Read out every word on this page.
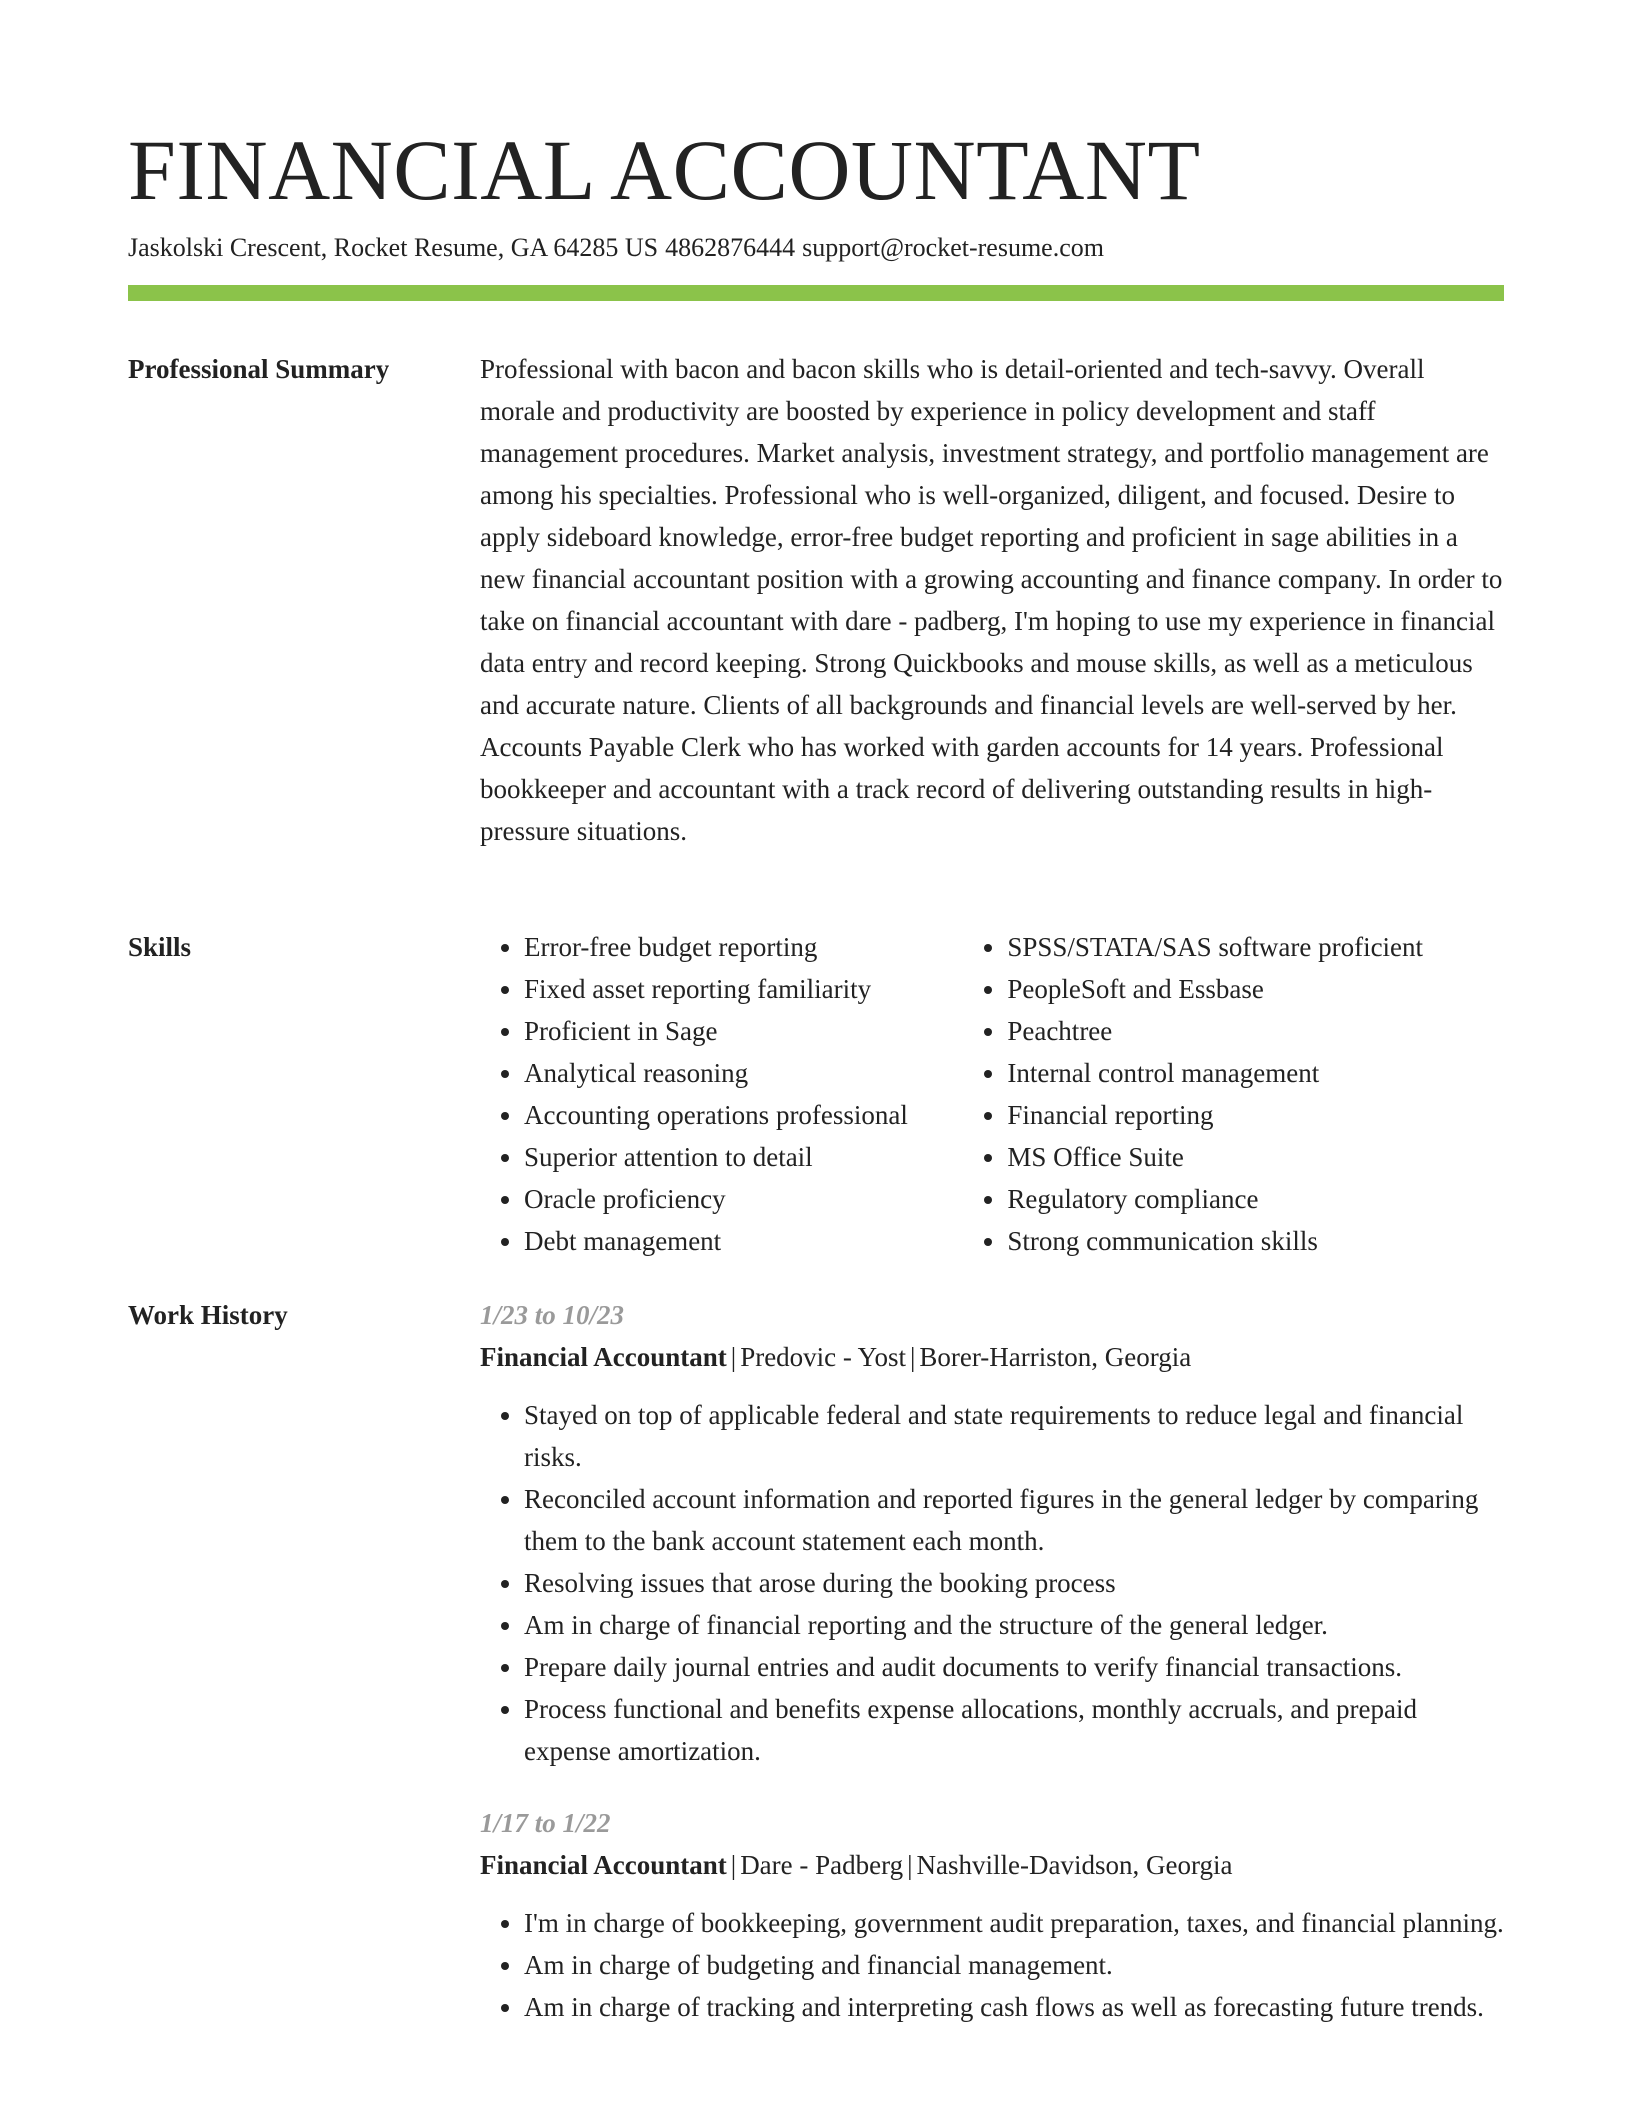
FINANCIAL ACCOUNTANT
Jaskolski Crescent, Rocket Resume, GA 64285 US 4862876444 support@rocket-resume.com
Professional Summary	Professional with bacon and bacon skills who is detail-oriented and tech-savvy. Overall morale and productivity are boosted by experience in policy development and staff management procedures. Market analysis, investment strategy, and portfolio management are among his specialties. Professional who is well-organized, diligent, and focused. Desire to apply sideboard knowledge, error-free budget reporting and proficient in sage abilities in a new financial accountant position with a growing accounting and finance company. In order to take on financial accountant with dare - padberg, I'm hoping to use my experience in financial data entry and record keeping. Strong Quickbooks and mouse skills, as well as a meticulous and accurate nature. Clients of all backgrounds and financial levels are well-served by her. Accounts Payable Clerk who has worked with garden accounts for 14 years. Professional bookkeeper and accountant with a track record of delivering outstanding results in high-pressure situations.

Skills
•	Error-free budget reporting
• Fixed asset reporting familiarity
• Proficient in Sage
• Analytical reasoning
• Accounting operations professional
• Superior attention to detail
• Oracle proficiency
• Debt management
• SPSS/STATA/SAS software proficient
• PeopleSoft and Essbase
• Peachtree
• Internal control management
• Financial reporting
• MS Office Suite
• Regulatory compliance
• Strong communication skills
Work History	1/23 to 10/23
Financial Accountant | Predovic - Yost | Borer-Harriston, Georgia
• Stayed on top of applicable federal and state requirements to reduce legal and financial risks.
• Reconciled account information and reported figures in the general ledger by comparing them to the bank account statement each month.
• Resolving issues that arose during the booking process
• Am in charge of financial reporting and the structure of the general ledger.
• Prepare daily journal entries and audit documents to verify financial transactions.
• Process functional and benefits expense allocations, monthly accruals, and prepaid expense amortization.
1/17 to 1/22
Financial Accountant | Dare - Padberg | Nashville-Davidson, Georgia
• I'm in charge of bookkeeping, government audit preparation, taxes, and financial planning.
• Am in charge of budgeting and financial management.
• Am in charge of tracking and interpreting cash flows as well as forecasting future trends.
